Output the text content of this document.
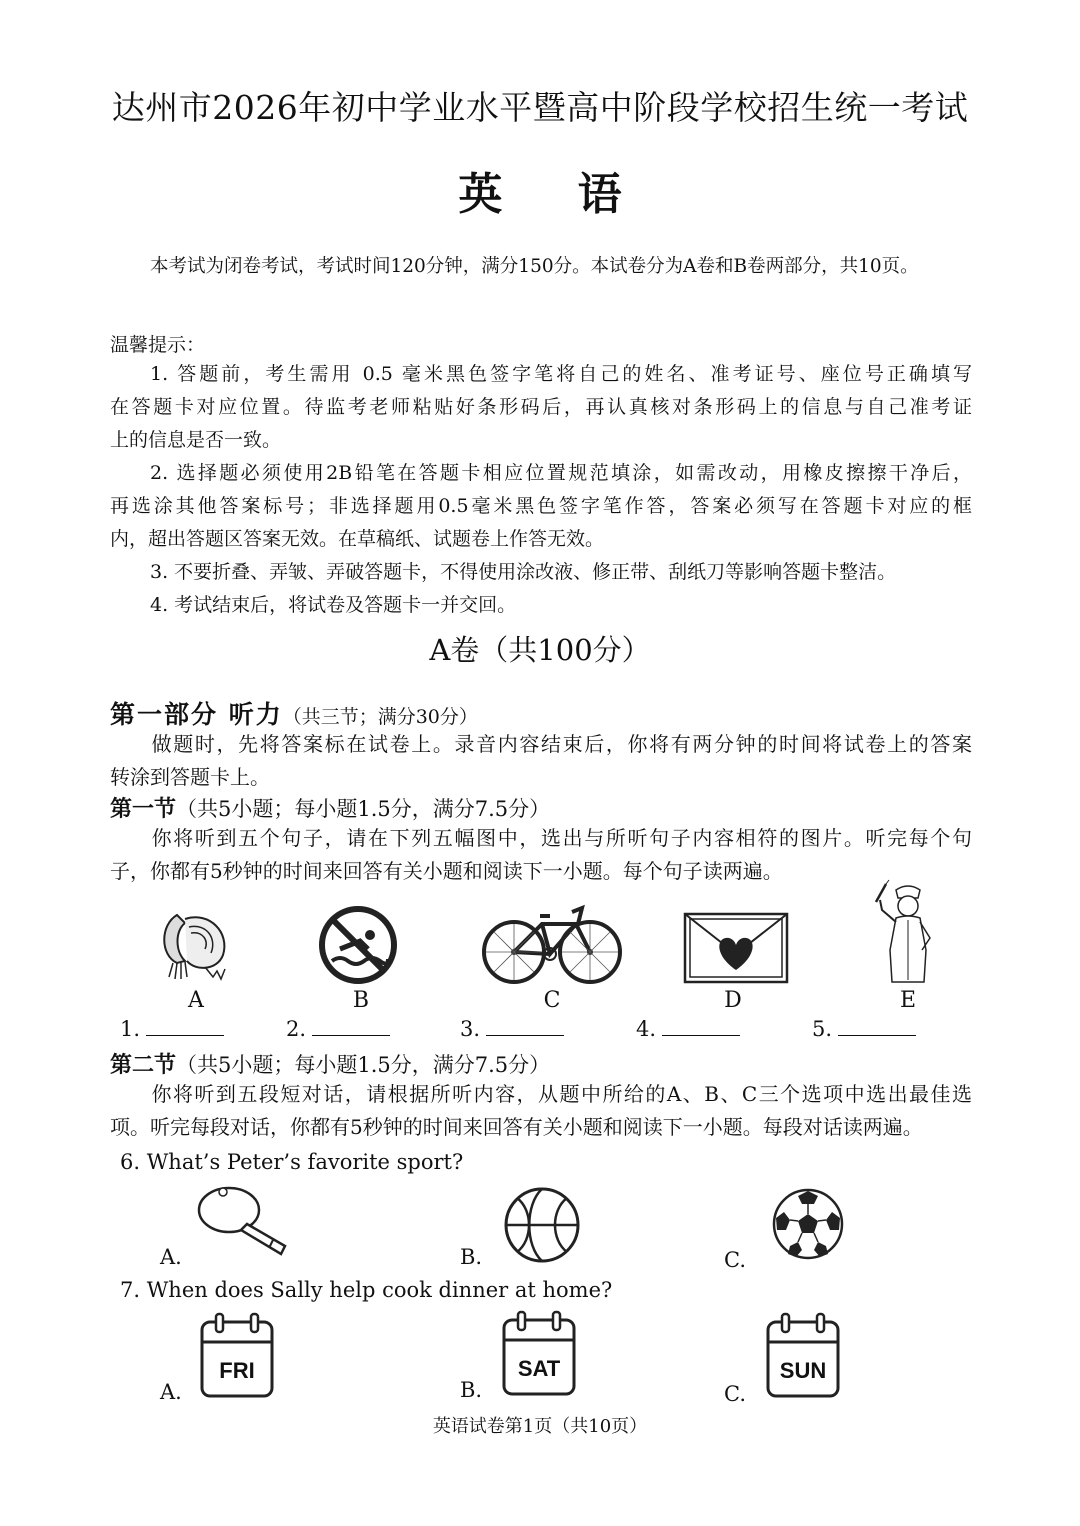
达州市2026年初中学业水平暨高中阶段学校招生统一考试
英 语
本考试为闭卷考试，考试时间120分钟，满分150分。本试卷分为A卷和B卷两部分，共10页。
温馨提示：
1. 答题前，考生需用 0.5 毫米黑色签字笔将自己的姓名、准考证号、座位号正确填写
在答题卡对应位置。待监考老师粘贴好条形码后，再认真核对条形码上的信息与自己准考证
上的信息是否一致。
2. 选择题必须使用2B铅笔在答题卡相应位置规范填涂，如需改动，用橡皮擦擦干净后，
再选涂其他答案标号；非选择题用0.5毫米黑色签字笔作答，答案必须写在答题卡对应的框
内，超出答题区答案无效。在草稿纸、试题卷上作答无效。
3. 不要折叠、弄皱、弄破答题卡，不得使用涂改液、修正带、刮纸刀等影响答题卡整洁。
4. 考试结束后，将试卷及答题卡一并交回。
A卷（共100分）
第一部分 听力（共三节；满分30分）
做题时，先将答案标在试卷上。录音内容结束后，你将有两分钟的时间将试卷上的答案
转涂到答题卡上。
第一节（共5小题；每小题1.5分，满分7.5分）
你将听到五个句子，请在下列五幅图中，选出与所听句子内容相符的图片。听完每个句
子，你都有5秒钟的时间来回答有关小题和阅读下一小题。每个句子读两遍。
A	B	C	D	E
1.	2.	3.	4.	5.
第二节（共5小题；每小题1.5分，满分7.5分）
你将听到五段短对话，请根据所听内容，从题中所给的A、B、C三个选项中选出最佳选
项。听完每段对话，你都有5秒钟的时间来回答有关小题和阅读下一小题。每段对话读两遍。
6. What’s Peter’s favorite sport?
A.	B.	C.
7. When does Sally help cook dinner at home?
A.
FRI
B.
SAT
C.
SUN
英语试卷第1页（共10页）
